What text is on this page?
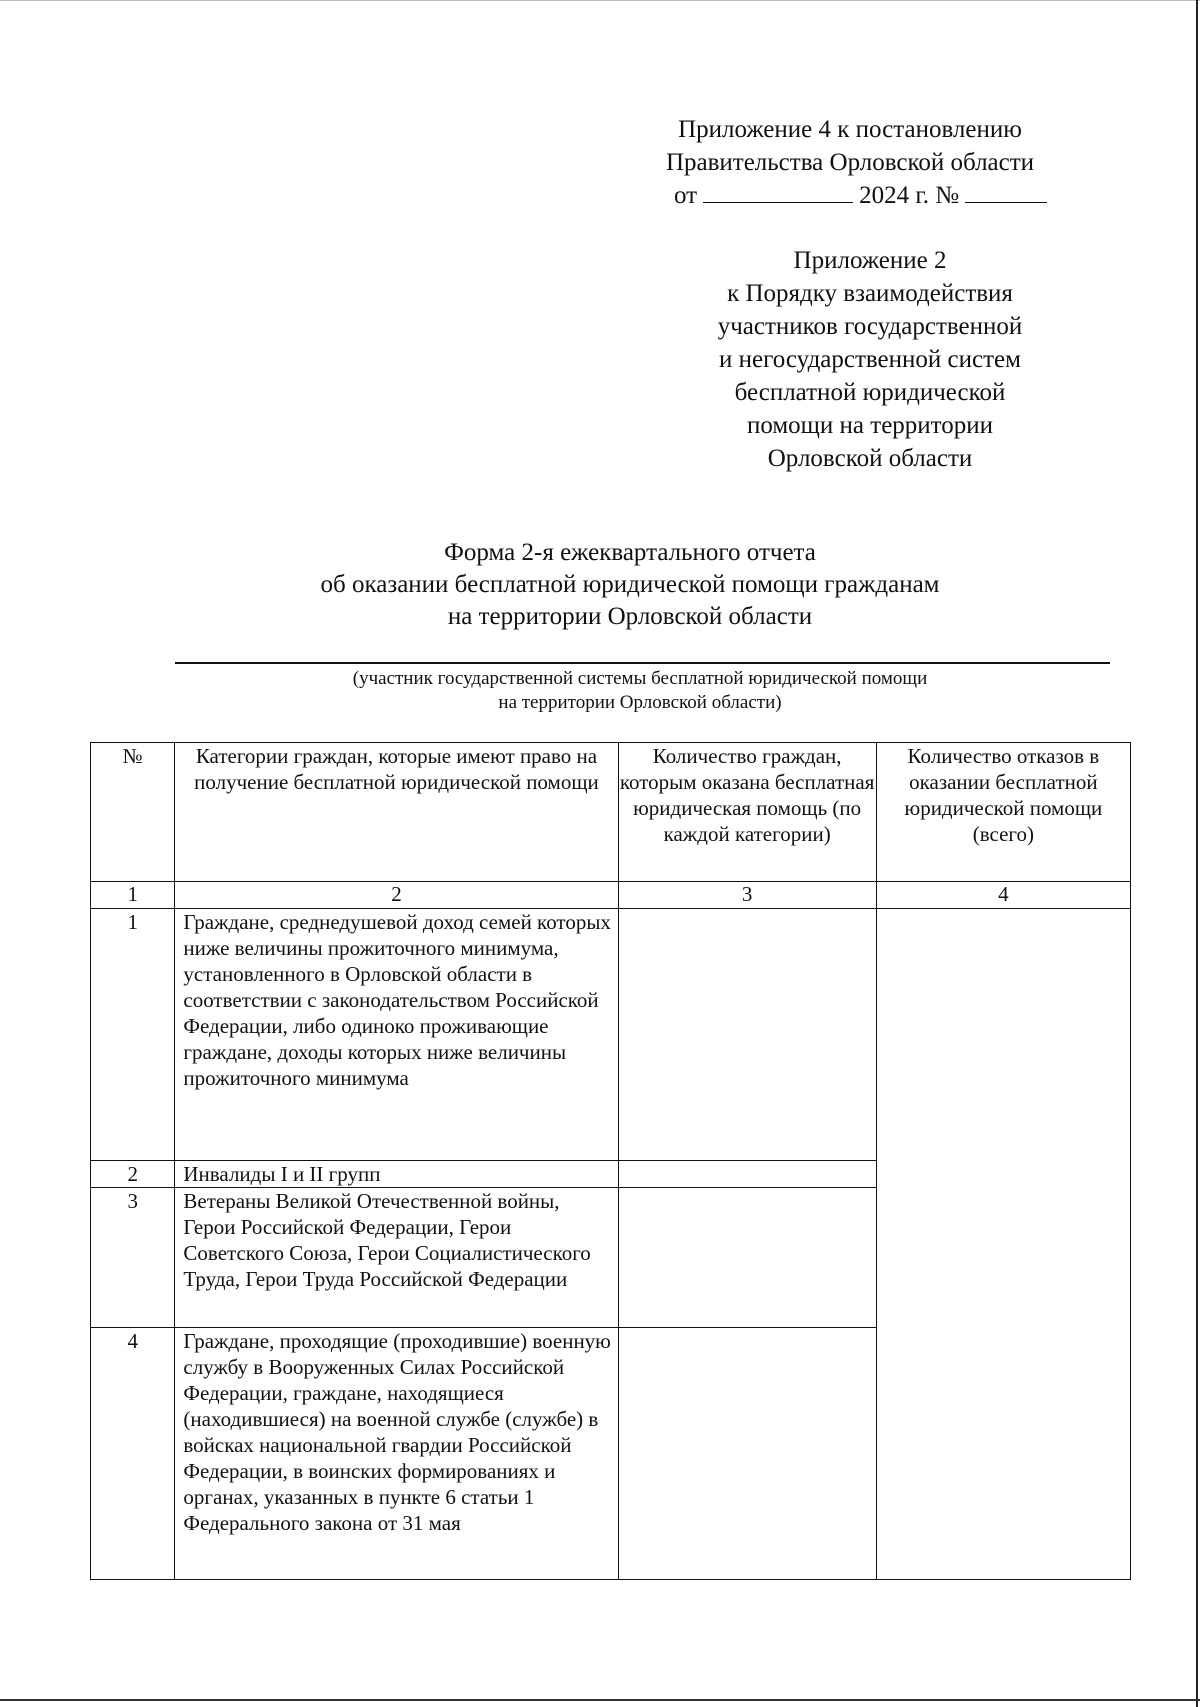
Приложение 4 к постановлению
Правительства Орловской области
от	2024 г. №
Приложение 2
к Порядку взаимодействия
участников государственной
и негосударственной систем
бесплатной юридической
помощи на территории
Орловской области
Форма 2-я ежеквартального отчета
об оказании бесплатной юридической помощи гражданам
на территории Орловской области
(участник государственной системы бесплатной юридической помощи
на территории Орловской области)
№	Категории граждан, которые имеют право на получение бесплатной юридической помощи	Количество граждан, которым оказана бесплатная юридическая помощь (по каждой категории)	Количество отказов в оказании бесплатной юридической помощи (всего)
1	2	3	4
1	Граждане, среднедушевой доход семей которых ниже величины прожиточного минимума, установленного в Орловской области в соответствии с законодательством Российской Федерации, либо одиноко проживающие граждане, доходы которых ниже величины прожиточного минимума		
2	Инвалиды I и II групп		
3	Ветераны Великой Отечественной войны, Герои Российской Федерации, Герои Советского Союза, Герои Социалистического Труда, Герои Труда Российской Федерации		
4	Граждане, проходящие (проходившие) военную службу в Вооруженных Силах Российской Федерации, граждане, находящиеся (находившиеся) на военной службе (службе) в войсках национальной гвардии Российской Федерации, в воинских формированиях и органах, указанных в пункте 6 статьи 1 Федерального закона от 31 мая		
